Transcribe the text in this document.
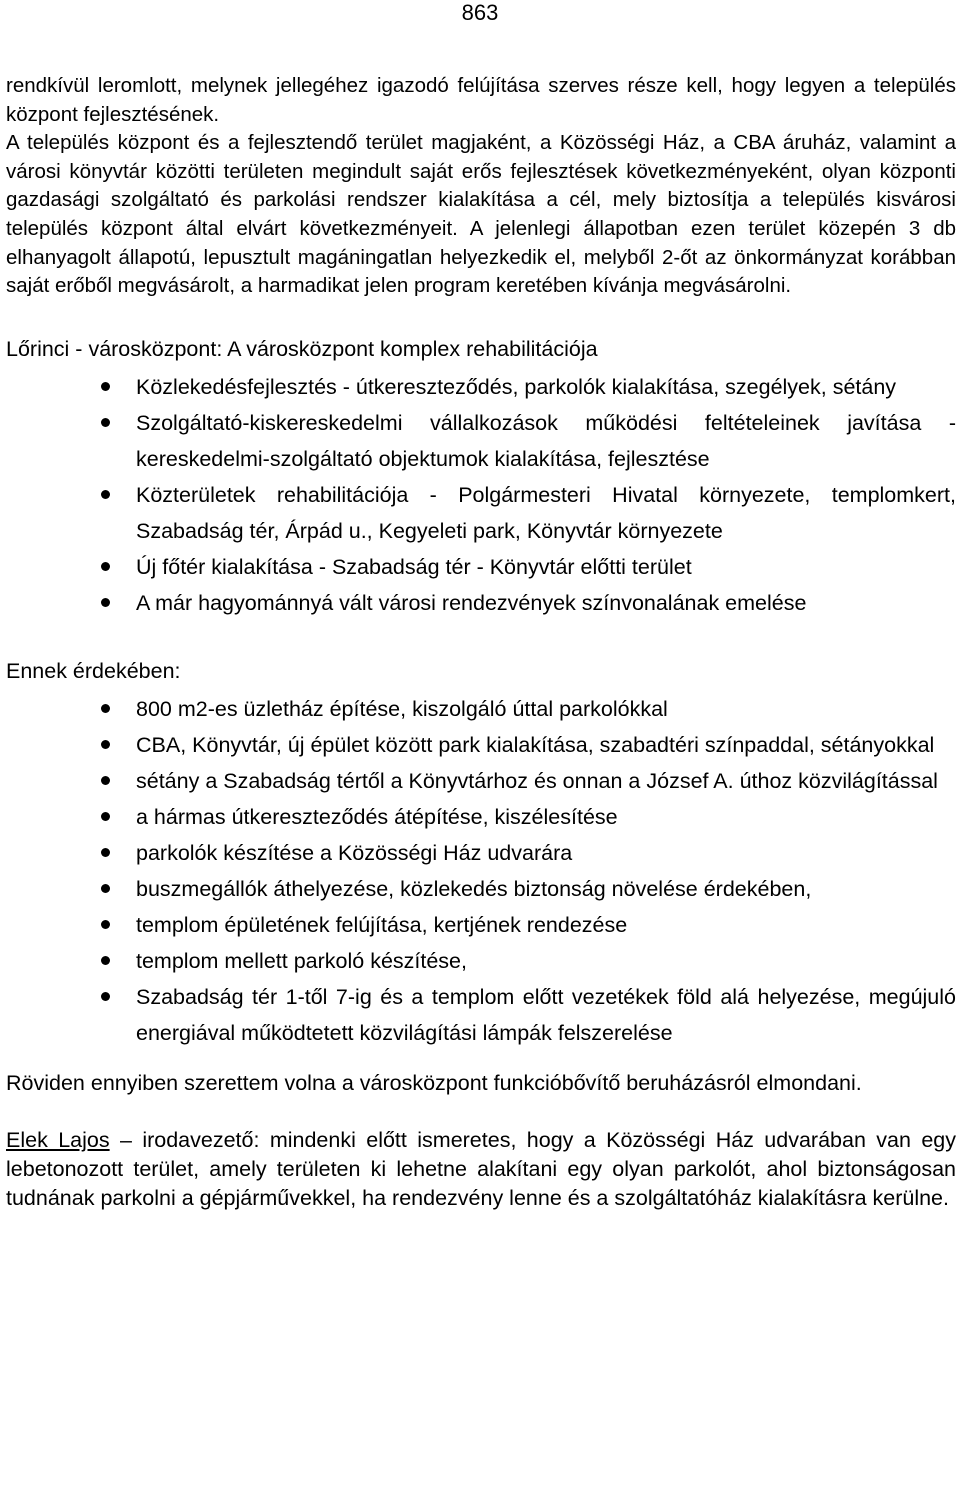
863

rendkívül leromlott, melynek jellegéhez igazodó felújítása szerves része kell, hogy legyen a település központ fejlesztésének.

A település központ és a fejlesztendő terület magjaként, a Közösségi Ház, a CBA áruház, valamint a városi könyvtár közötti területen megindult saját erős fejlesztések következményeként, olyan központi gazdasági szolgáltató és parkolási rendszer kialakítása a cél, mely biztosítja a település kisvárosi település központ által elvárt következményeit. A jelenlegi állapotban ezen terület közepén 3 db elhanyagolt állapotú, lepusztult magáningatlan helyezkedik el, melyből 2-őt az önkormányzat korábban saját erőből megvásárolt, a harmadikat jelen program keretében kívánja megvásárolni.

Lőrinci - városközpont: A városközpont komplex rehabilitációja

Közlekedésfejlesztés - útkereszteződés, parkolók kialakítása, szegélyek, sétány
Szolgáltató-kiskereskedelmi vállalkozások működési feltételeinek javítása - kereskedelmi-szolgáltató objektumok kialakítása, fejlesztése
Közterületek rehabilitációja - Polgármesteri Hivatal környezete, templomkert, Szabadság tér, Árpád u., Kegyeleti park, Könyvtár környezete
Új főtér kialakítása - Szabadság tér - Könyvtár előtti terület
A már hagyománnyá vált városi rendezvények színvonalának emelése

Ennek érdekében:

800 m2-es üzletház építése, kiszolgáló úttal parkolókkal
CBA, Könyvtár, új épület között park kialakítása, szabadtéri színpaddal, sétányokkal
sétány a Szabadság tértől a Könyvtárhoz és onnan a József A. úthoz közvilágítással
a hármas útkereszteződés átépítése, kiszélesítése
parkolók készítése a Közösségi Ház udvarára
buszmegállók áthelyezése, közlekedés biztonság növelése érdekében,
templom épületének felújítása, kertjének rendezése
templom mellett parkoló készítése,
Szabadság tér 1-től 7-ig és a templom előtt vezetékek föld alá helyezése, megújuló energiával működtetett közvilágítási lámpák felszerelése

Röviden ennyiben szerettem volna a városközpont funkcióbővítő beruházásról elmondani.

Elek Lajos – irodavezető: mindenki előtt ismeretes, hogy a Közösségi Ház udvarában van egy lebetonozott terület, amely területen ki lehetne alakítani egy olyan parkolót, ahol biztonságosan tudnának parkolni a gépjárművekkel, ha rendezvény lenne és a szolgáltatóház kialakításra kerülne.
